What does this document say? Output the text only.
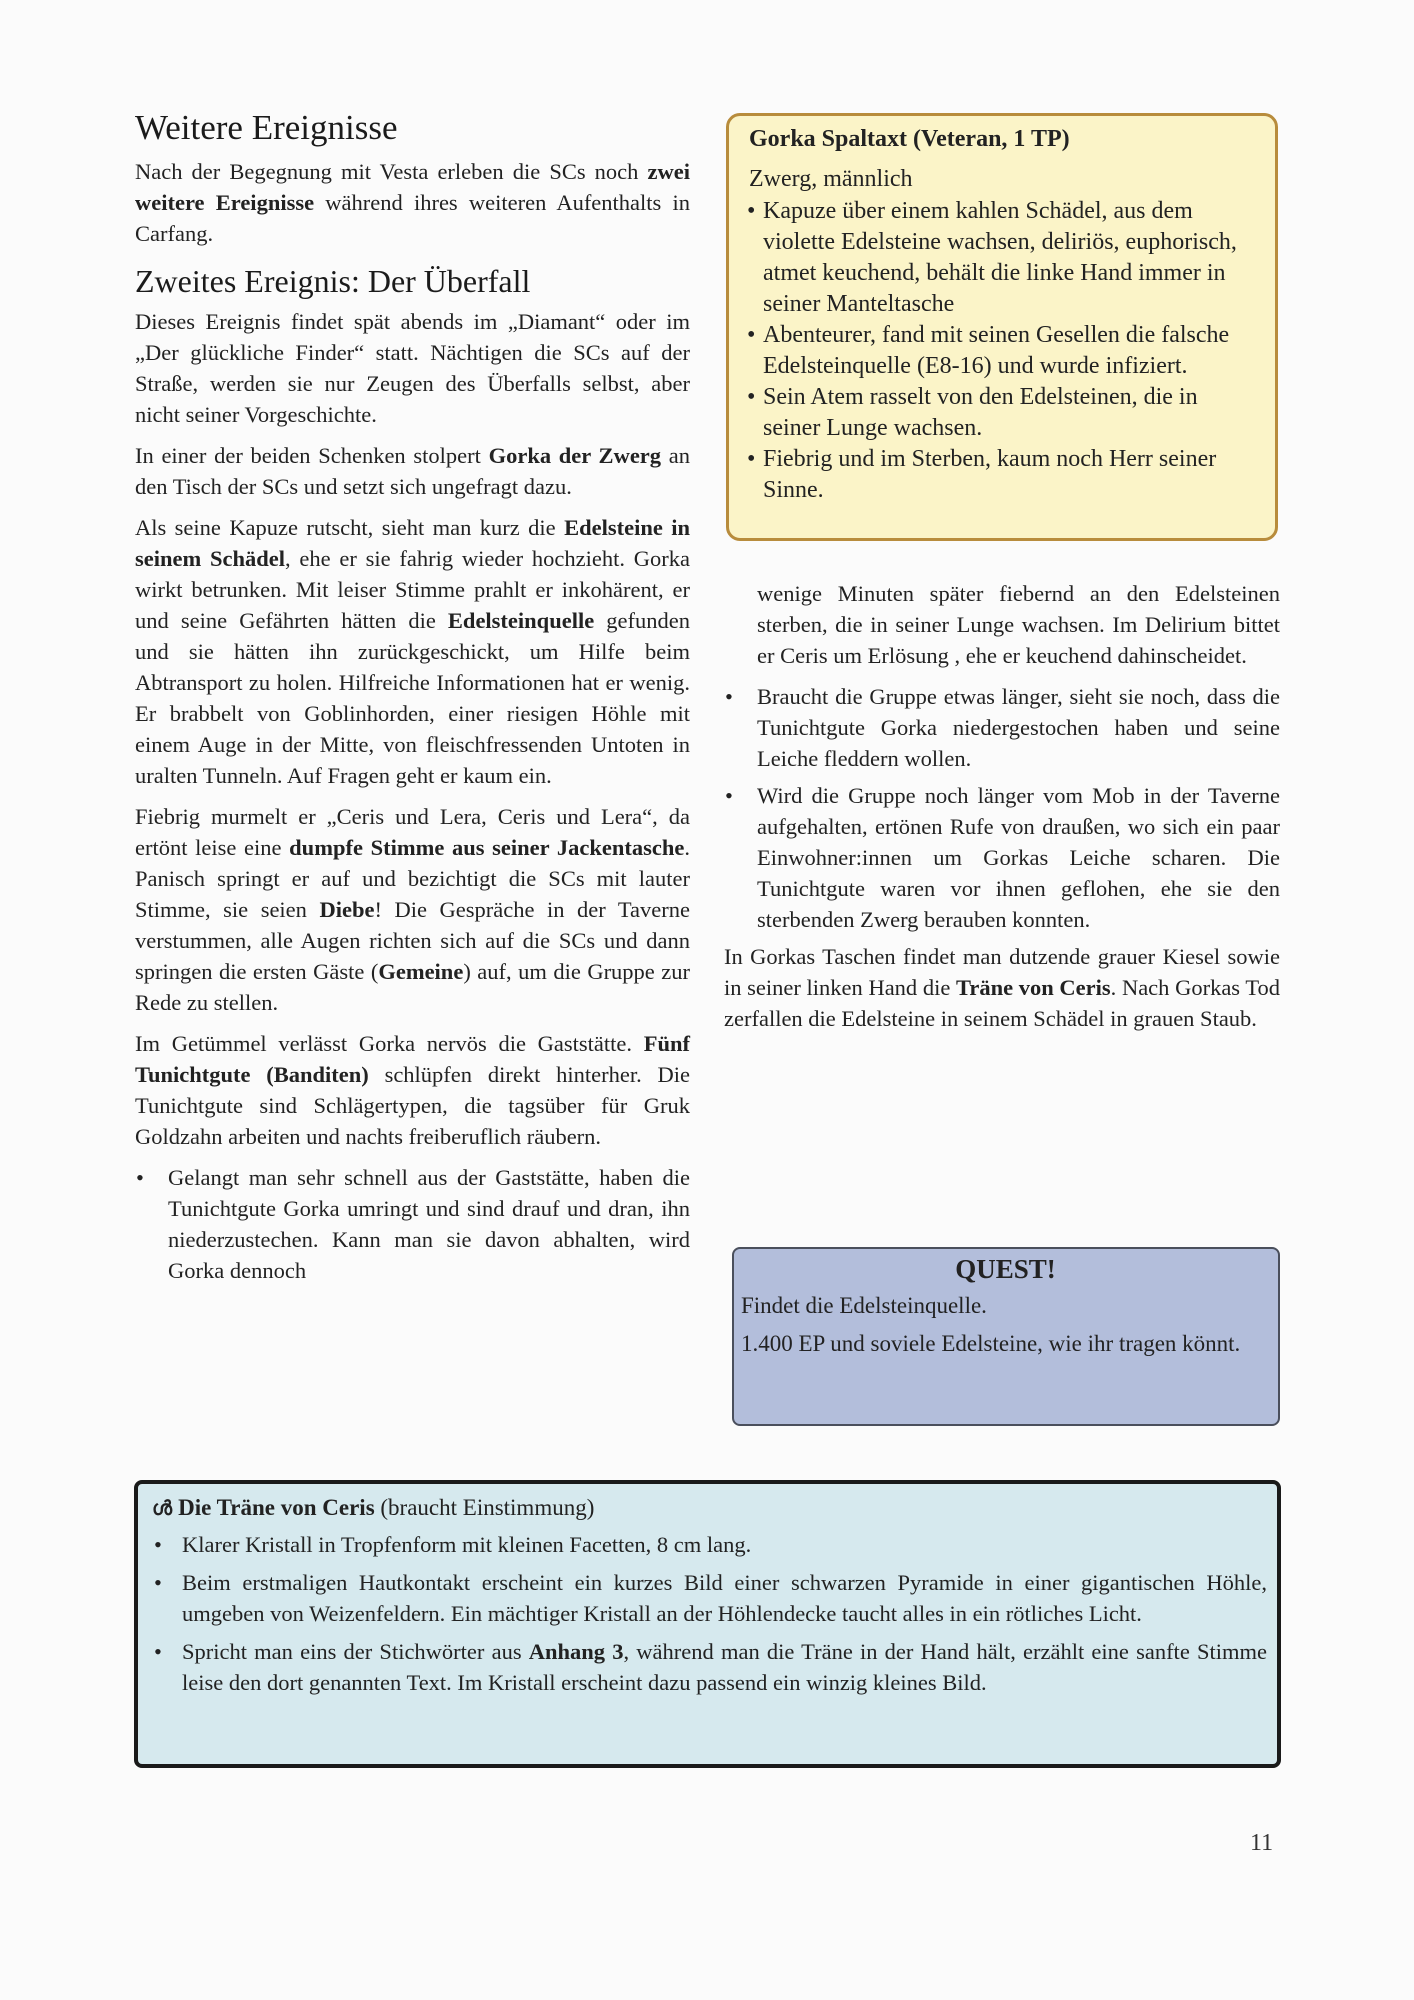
Weitere Ereignisse

Nach der Begegnung mit Vesta erleben die SCs noch zwei weitere Ereignisse während ihres weiteren Aufenthalts in Carfang.

Zweites Ereignis: Der Überfall

Dieses Ereignis findet spät abends im „Diamant“ oder im „Der glückliche Finder“ statt. Nächtigen die SCs auf der Straße, werden sie nur Zeugen des Überfalls selbst, aber nicht seiner Vorgeschichte.

In einer der beiden Schenken stolpert Gorka der Zwerg an den Tisch der SCs und setzt sich ungefragt dazu.

Als seine Kapuze rutscht, sieht man kurz die Edelsteine in seinem Schädel, ehe er sie fahrig wieder hochzieht. Gorka wirkt betrunken. Mit leiser Stimme prahlt er inkohärent, er und seine Gefährten hätten die Edelsteinquelle gefunden und sie hätten ihn zurückgeschickt, um Hilfe beim Abtransport zu holen. Hilfreiche Informationen hat er wenig. Er brabbelt von Goblinhorden, einer riesigen Höhle mit einem Auge in der Mitte, von fleischfressenden Untoten in uralten Tunneln. Auf Fragen geht er kaum ein.

Fiebrig murmelt er „Ceris und Lera, Ceris und Lera“, da ertönt leise eine dumpfe Stimme aus seiner Jackentasche. Panisch springt er auf und bezichtigt die SCs mit lauter Stimme, sie seien Diebe! Die Gespräche in der Taverne verstummen, alle Augen richten sich auf die SCs und dann springen die ersten Gäste (Gemeine) auf, um die Gruppe zur Rede zu stellen.

Im Getümmel verlässt Gorka nervös die Gaststätte. Fünf Tunichtgute (Banditen) schlüpfen direkt hinterher. Die Tunichtgute sind Schlägertypen, die tagsüber für Gruk Goldzahn arbeiten und nachts freiberuflich räubern.

• Gelangt man sehr schnell aus der Gaststätte, haben die Tunichtgute Gorka umringt und sind drauf und dran, ihn niederzustechen. Kann man sie davon abhalten, wird Gorka dennoch
Gorka Spaltaxt (Veteran, 1 TP)
Zwerg, männlich
• Kapuze über einem kahlen Schädel, aus dem violette Edelsteine wachsen, deliriös, euphorisch, atmet keuchend, behält die linke Hand immer in seiner Manteltasche
• Abenteurer, fand mit seinen Gesellen die falsche Edelsteinquelle (E8-16) und wurde infiziert.
• Sein Atem rasselt von den Edelsteinen, die in seiner Lunge wachsen.
• Fiebrig und im Sterben, kaum noch Herr seiner Sinne.

wenige Minuten später fiebernd an den Edelsteinen sterben, die in seiner Lunge wachsen. Im Delirium bittet er Ceris um Erlösung , ehe er keuchend dahinscheidet.

• Braucht die Gruppe etwas länger, sieht sie noch, dass die Tunichtgute Gorka niedergestochen haben und seine Leiche fleddern wollen.
• Wird die Gruppe noch länger vom Mob in der Taverne aufgehalten, ertönen Rufe von draußen, wo sich ein paar Einwohner:innen um Gorkas Leiche scharen. Die Tunichtgute waren vor ihnen geflohen, ehe sie den sterbenden Zwerg berauben konnten.

In Gorkas Taschen findet man dutzende grauer Kiesel sowie in seiner linken Hand die Träne von Ceris. Nach Gorkas Tod zerfallen die Edelsteine in seinem Schädel in grauen Staub.

QUEST!

Findet die Edelsteinquelle.

1.400 EP und soviele Edelsteine, wie ihr tragen könnt.

ൾ Die Träne von Ceris (braucht Einstimmung)
• Klarer Kristall in Tropfenform mit kleinen Facetten, 8 cm lang.
• Beim erstmaligen Hautkontakt erscheint ein kurzes Bild einer schwarzen Pyramide in einer gigantischen Höhle, umgeben von Weizenfeldern. Ein mächtiger Kristall an der Höhlendecke taucht alles in ein rötliches Licht.
• Spricht man eins der Stichwörter aus Anhang 3, während man die Träne in der Hand hält, erzählt eine sanfte Stimme leise den dort genannten Text. Im Kristall erscheint dazu passend ein winzig kleines Bild.
11
